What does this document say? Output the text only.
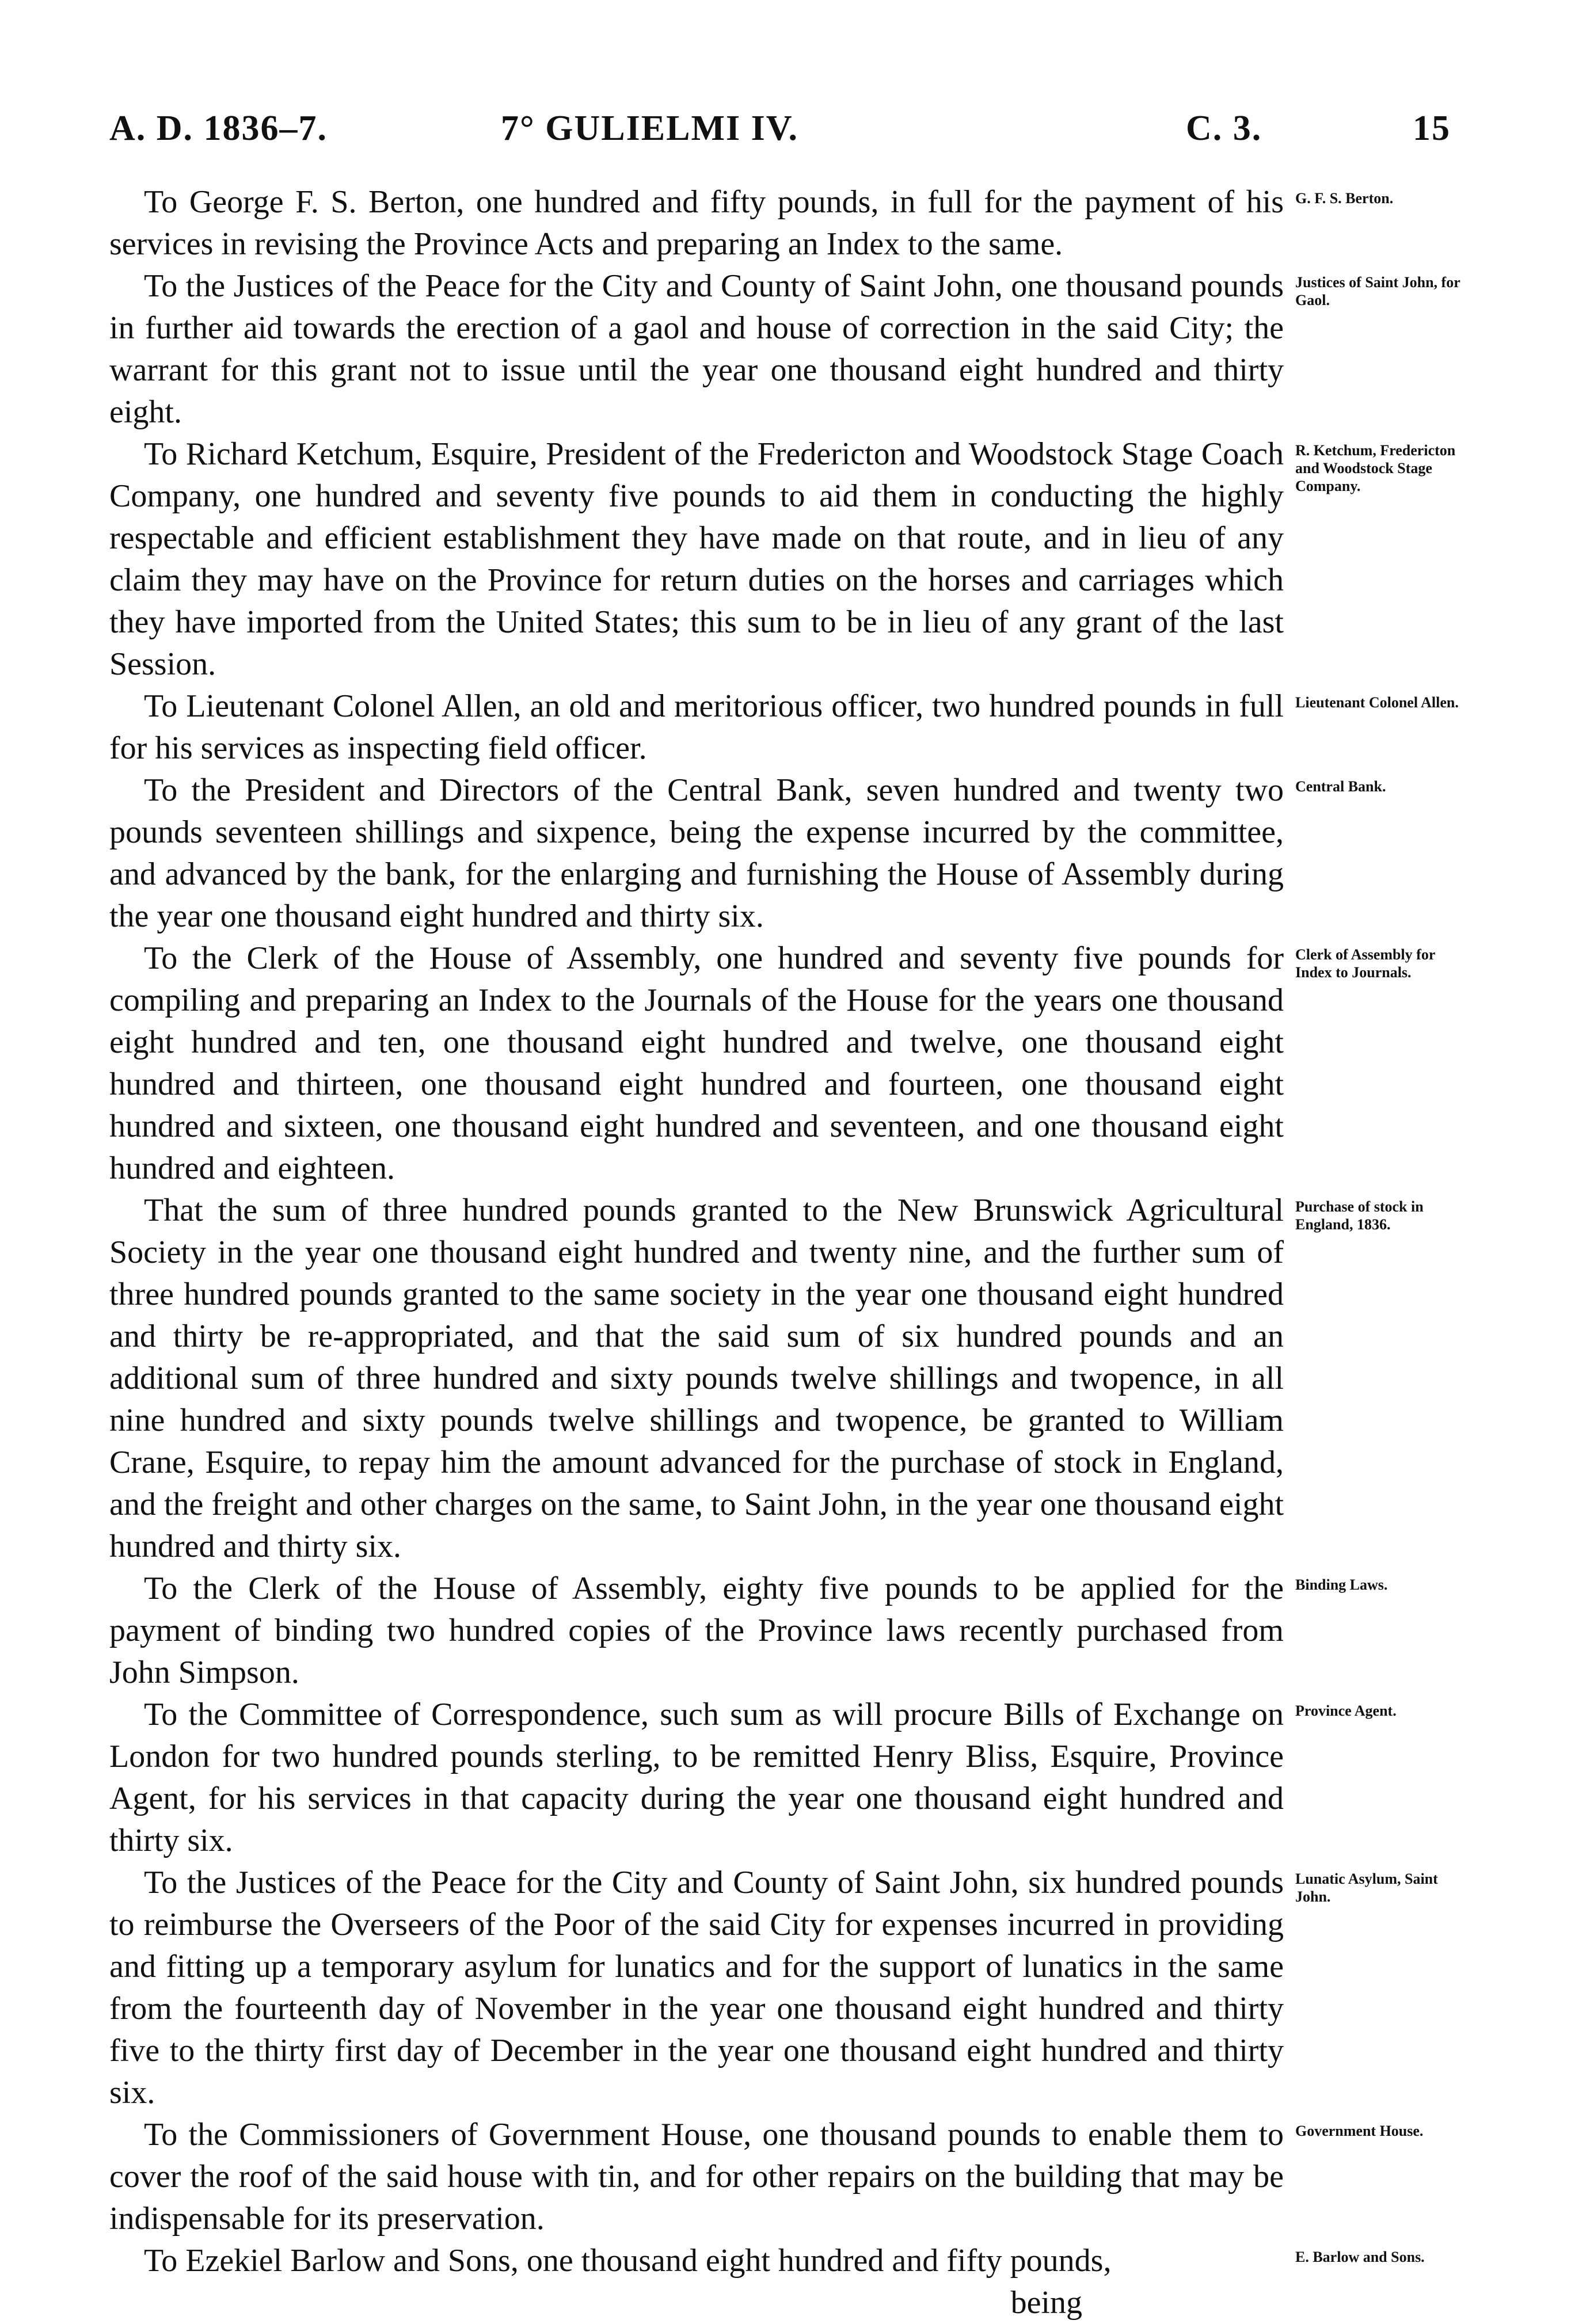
A. D. 1836–7.	7° GULIELMI IV.	C. 3.	15

To George F. S. Berton, one hundred and fifty pounds, in full for the payment of his services in revising the Province Acts and preparing an Index to the same.

To the Justices of the Peace for the City and County of Saint John, one thousand pounds in further aid towards the erection of a gaol and house of correction in the said City; the warrant for this grant not to issue until the year one thousand eight hundred and thirty eight.

To Richard Ketchum, Esquire, President of the Fredericton and Woodstock Stage Coach Company, one hundred and seventy five pounds to aid them in conducting the highly respectable and efficient establishment they have made on that route, and in lieu of any claim they may have on the Province for return duties on the horses and carriages which they have imported from the United States; this sum to be in lieu of any grant of the last Session.

To Lieutenant Colonel Allen, an old and meritorious officer, two hundred pounds in full for his services as inspecting field officer.

To the President and Directors of the Central Bank, seven hundred and twenty two pounds seventeen shillings and sixpence, being the expense incurred by the committee, and advanced by the bank, for the enlarging and furnishing the House of Assembly during the year one thousand eight hundred and thirty six.

To the Clerk of the House of Assembly, one hundred and seventy five pounds for compiling and preparing an Index to the Journals of the House for the years one thousand eight hundred and ten, one thousand eight hundred and twelve, one thousand eight hundred and thirteen, one thousand eight hundred and fourteen, one thousand eight hundred and sixteen, one thousand eight hundred and seventeen, and one thousand eight hundred and eighteen.

That the sum of three hundred pounds granted to the New Brunswick Agricultural Society in the year one thousand eight hundred and twenty nine, and the further sum of three hundred pounds granted to the same society in the year one thousand eight hundred and thirty be re-appropriated, and that the said sum of six hundred pounds and an additional sum of three hundred and sixty pounds twelve shillings and twopence, in all nine hundred and sixty pounds twelve shillings and twopence, be granted to William Crane, Esquire, to repay him the amount advanced for the purchase of stock in England, and the freight and other charges on the same, to Saint John, in the year one thousand eight hundred and thirty six.

To the Clerk of the House of Assembly, eighty five pounds to be applied for the payment of binding two hundred copies of the Province laws recently purchased from John Simpson.

To the Committee of Correspondence, such sum as will procure Bills of Exchange on London for two hundred pounds sterling, to be remitted Henry Bliss, Esquire, Province Agent, for his services in that capacity during the year one thousand eight hundred and thirty six.

To the Justices of the Peace for the City and County of Saint John, six hundred pounds to reimburse the Overseers of the Poor of the said City for expenses incurred in providing and fitting up a temporary asylum for lunatics and for the support of lunatics in the same from the fourteenth day of November in the year one thousand eight hundred and thirty five to the thirty first day of December in the year one thousand eight hundred and thirty six.

To the Commissioners of Government House, one thousand pounds to enable them to cover the roof of the said house with tin, and for other repairs on the building that may be indispensable for its preservation.

To Ezekiel Barlow and Sons, one thousand eight hundred and fifty pounds,

being
G. F. S. Berton.
Justices of Saint John, for Gaol.
R. Ketchum, Fredericton and Woodstock Stage Company.
Lieutenant Colonel Allen.
Central Bank.
Clerk of Assembly for Index to Journals.
Purchase of stock in England, 1836.
Binding Laws.
Province Agent.
Lunatic Asylum, Saint John.
Government House.
E. Barlow and Sons.
